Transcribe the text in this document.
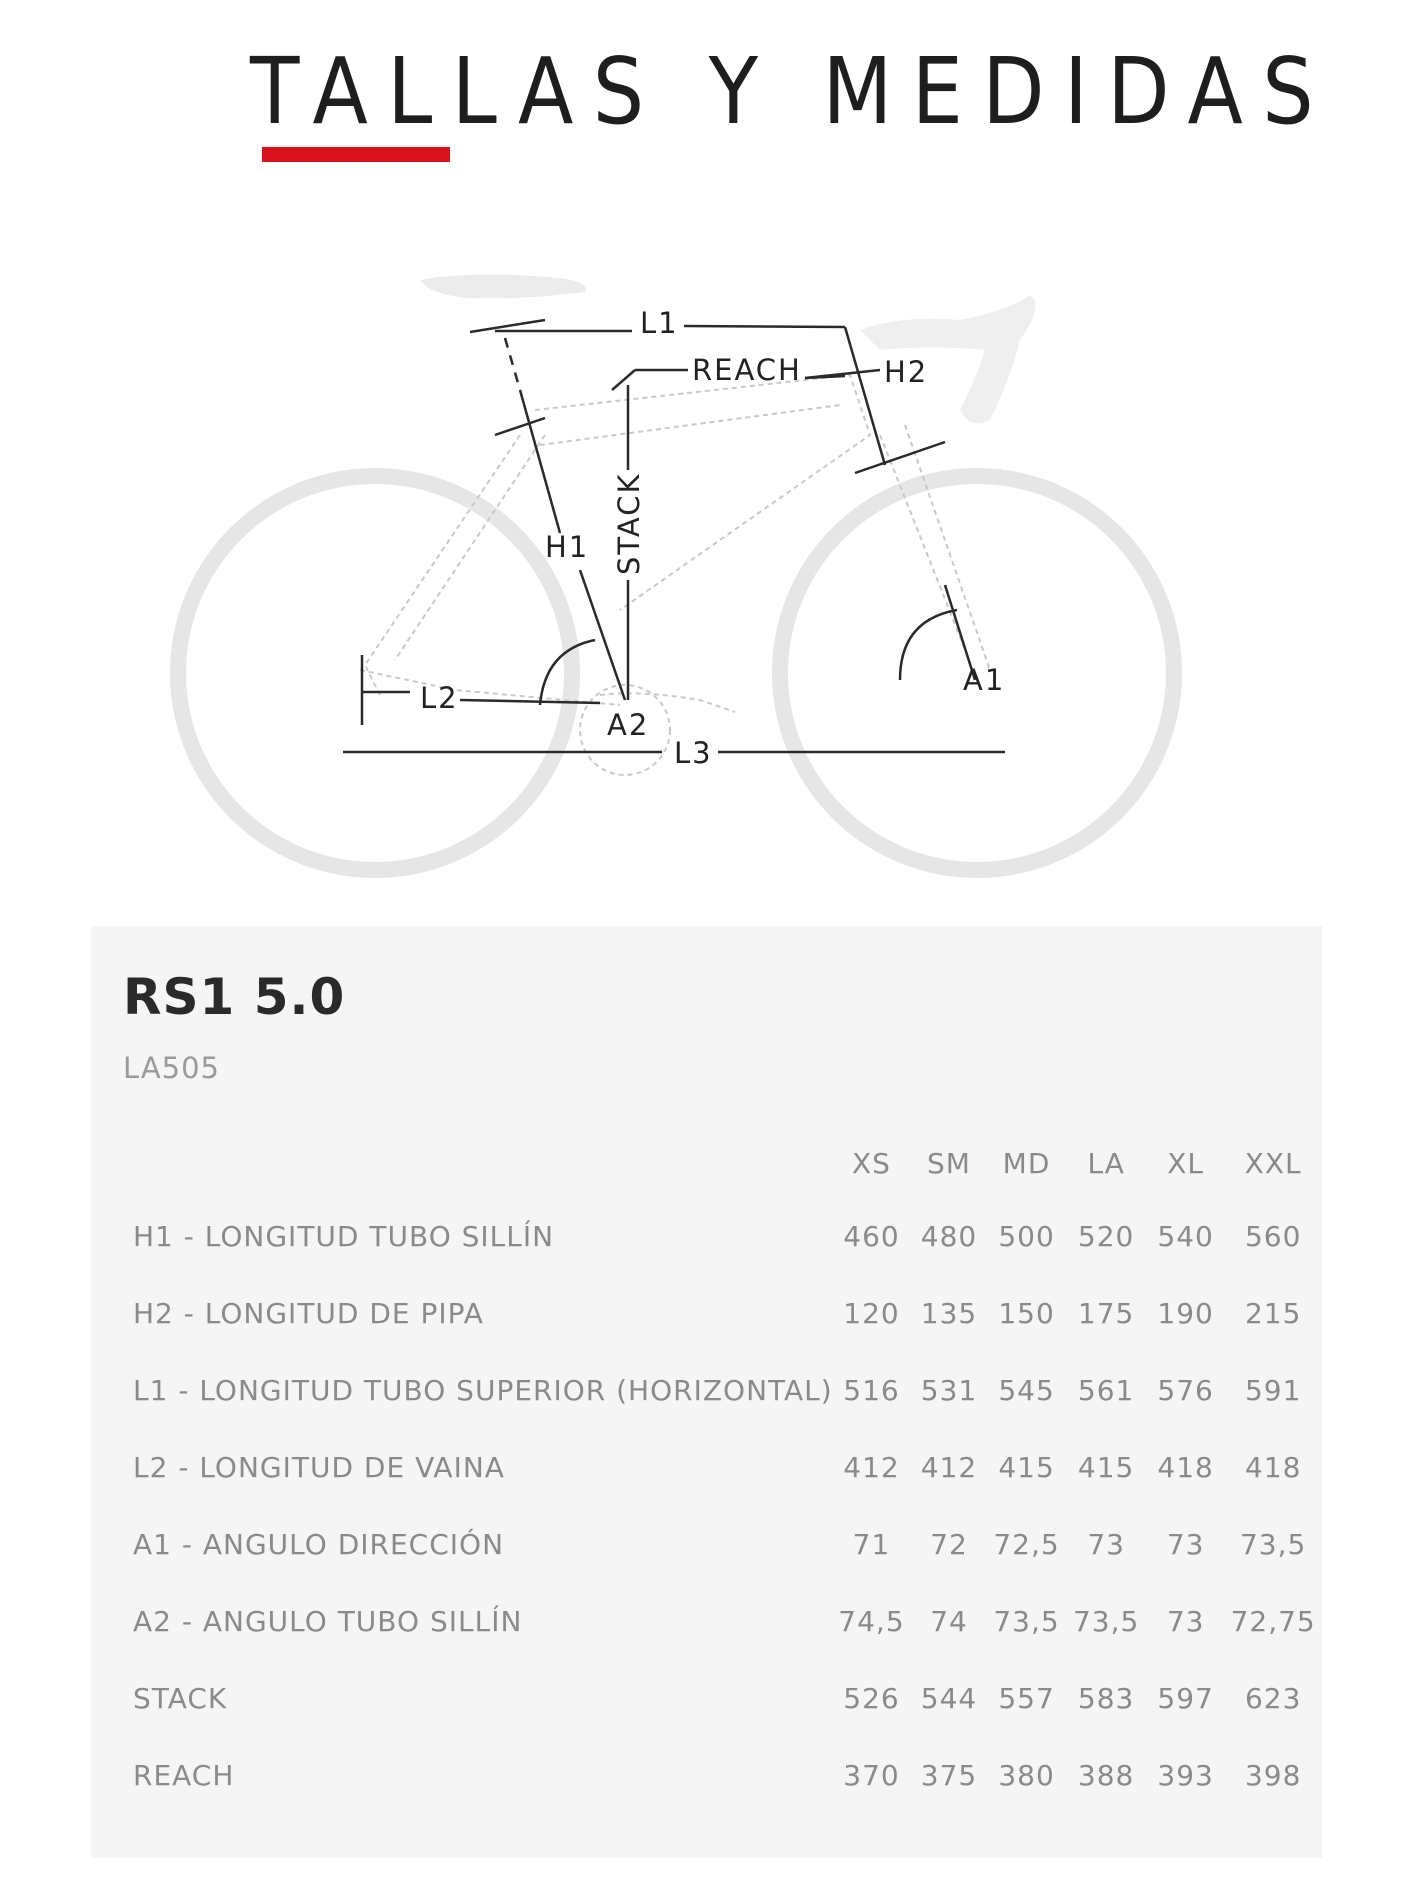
TALLAS Y MEDIDAS
L1
REACH	H2
H1 STACK
A1
L2
A2
L3
RS1 5.0
LA505
	XS	SM	MD	LA	XL	XXL
H1 - LONGITUD TUBO SILLÍN	460	480	500	520	540	560
H2 - LONGITUD DE PIPA	120	135	150	175	190	215
L1 - LONGITUD TUBO SUPERIOR (HORIZONTAL)	516	531	545	561	576	591
L2 - LONGITUD DE VAINA	412	412	415	415	418	418
A1 - ANGULO DIRECCIÓN	71	72	72,5	73	73	73,5
A2 - ANGULO TUBO SILLÍN	74,5	74	73,5	73,5	73	72,75
STACK	526	544	557	583	597	623
REACH	370	375	380	388	393	398
